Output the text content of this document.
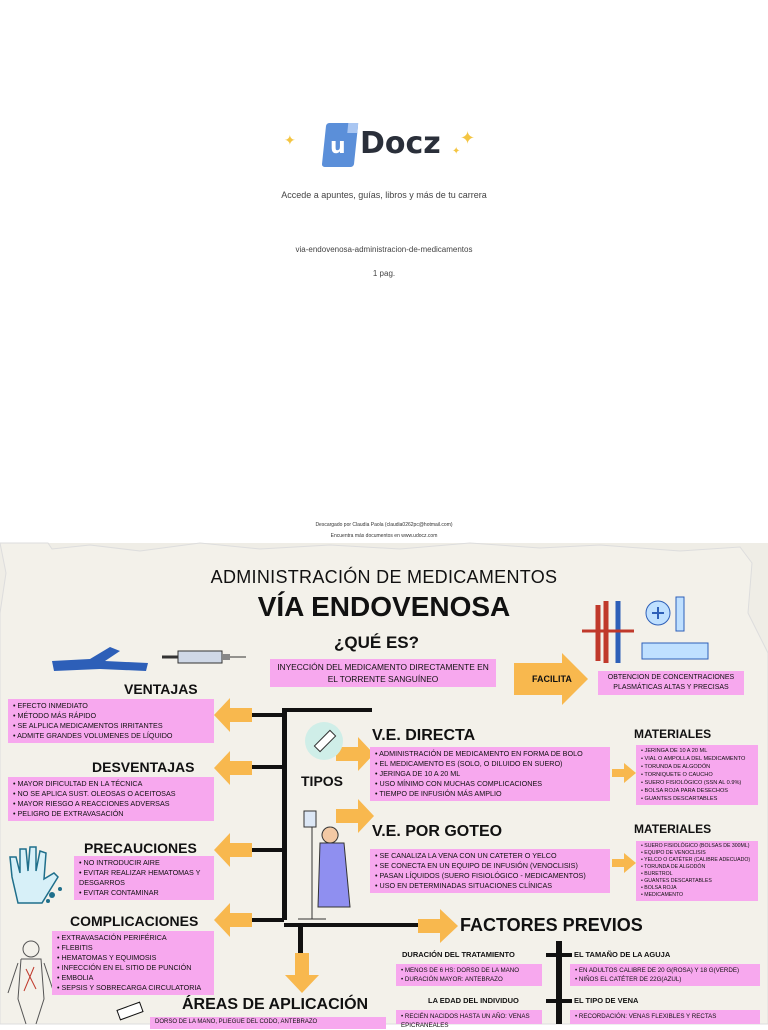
✦ u Docz ✦
✦
Accede a apuntes, guías, libros y más de tu carrera
via-endovenosa-administracion-de-medicamentos
1 pag.
Descargado por Claudia Paola (claudia0262pc@hotmail.com)
Encuentra más documentos en www.udocz.com
ADMINISTRACIÓN DE MEDICAMENTOS
VÍA ENDOVENOSA
¿QUÉ ES?
INYECCIÓN DEL MEDICAMENTO DIRECTAMENTE EN EL TORRENTE SANGUÍNEO	FACILITA	OBTENCION DE CONCENTRACIONES PLASMÁTICAS ALTAS Y PRECISAS
VENTAJAS
• EFECTO INMEDIATO
• MÉTODO MÁS RÁPIDO
• SE ALPLICA MEDICAMENTOS IRRITANTES
• ADMITE GRANDES VOLUMENES DE LÍQUIDO
DESVENTAJAS
• MAYOR DIFICULTAD EN LA TÉCNICA
• NO SE APLICA SUST. OLEOSAS O ACEITOSAS
• MAYOR RIESGO A REACCIONES ADVERSAS
• PELIGRO DE EXTRAVASACIÓN
PRECAUCIONES
• NO INTRODUCIR AIRE
• EVITAR REALIZAR HEMATOMAS Y DESGARROS
• EVITAR CONTAMINAR
COMPLICACIONES
• EXTRAVASACIÓN PERIFÉRICA
• FLEBITIS
• HEMATOMAS Y EQUIMOSIS
• INFECCIÓN EN EL SITIO DE PUNCIÓN
• EMBOLIA
• SEPSIS Y SOBRECARGA CIRCULATORIA
ÁREAS DE APLICACIÓN
DORSO DE LA MANO, PLIEGUE DEL CODO, ANTEBRAZO
TIPOS
V.E. DIRECTA
• ADMINISTRACIÓN DE MEDICAMENTO EN FORMA DE BOLO
• EL MEDICAMENTO ES (SOLO, O DILUIDO EN SUERO)
• JERINGA DE 10 A 20 ML
• USO MÍNIMO CON MUCHAS COMPLICACIONES
• TIEMPO DE INFUSIÓN MÁS AMPLIO
V.E. POR GOTEO
• SE CANALIZA LA VENA CON UN CATETER O YELCO
• SE CONECTA EN UN EQUIPO DE INFUSIÓN (VENOCLISIS)
• PASAN LÍQUIDOS (SUERO FISIOLÓGICO - MEDICAMENTOS)
• USO EN DETERMINADAS SITUACIONES CLÍNICAS
MATERIALES
• JERINGA DE 10 A 20 ML
• VIAL O AMPOLLA DEL MEDICAMENTO
• TORUNDA DE ALGODÓN
• TORNIQUETE O CAUCHO
• SUERO FISIOLÓGICO (SSN AL 0.9%)
• BOLSA ROJA PARA DESECHOS
• GUANTES DESCARTABLES
MATERIALES
• SUERO FISIOLÓGICO (BOLSAS DE 300ML)
• EQUIPO DE VENOCLISIS
• YELCO O CATÉTER (CALIBRE ADECUADO)
• TORUNDA DE ALGODÓN
• BURETROL
• GUANTES DESCARTABLES
• BOLSA ROJA
• MEDICAMENTO
FACTORES PREVIOS
DURACIÓN DEL TRATAMIENTO
• MENOS DE 6 HS: DORSO DE LA MANO
• DURACIÓN MAYOR: ANTEBRAZO
EL TAMAÑO DE LA AGUJA
• EN ADULTOS CALIBRE DE 20 G(ROSA) Y 18 G(VERDE)
• NIÑOS EL CATÉTER DE 22G(AZUL)
LA EDAD DEL INDIVIDUO
• RECIÉN NACIDOS HASTA UN AÑO: VENAS EPICRANEALES
EL TIPO DE VENA
• RECORDACIÓN: VENAS FLEXIBLES Y RECTAS
